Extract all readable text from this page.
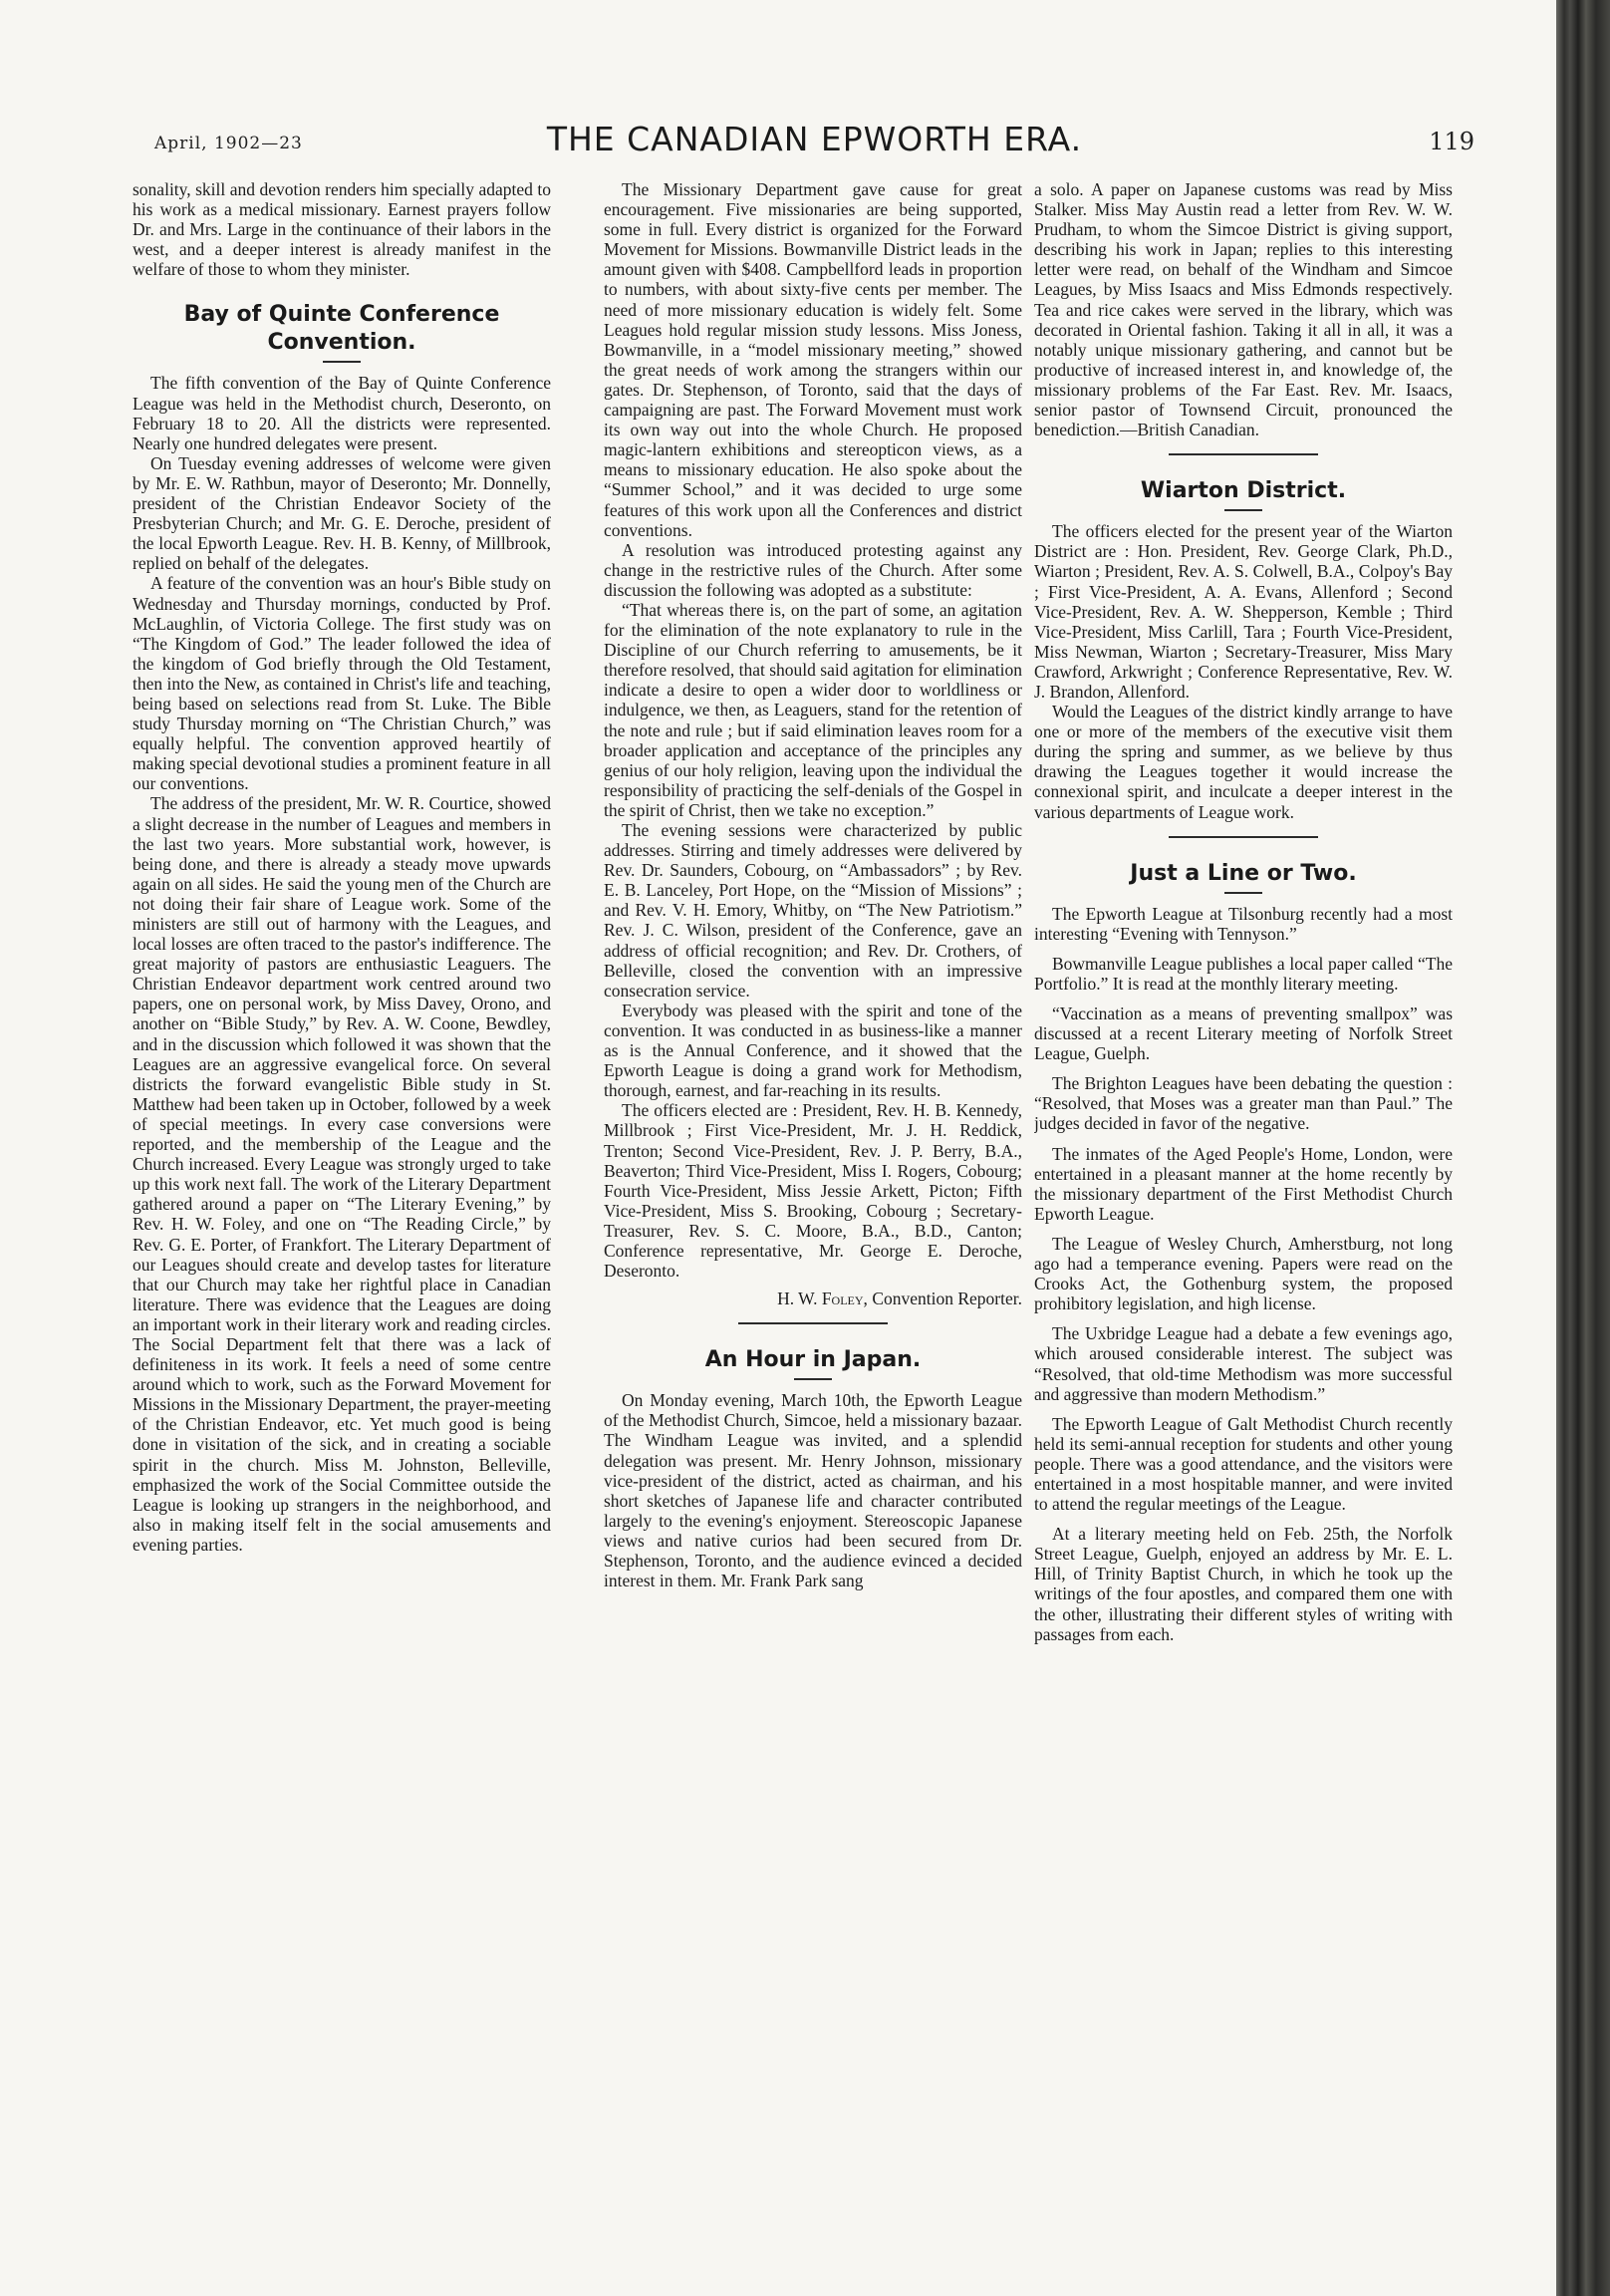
April, 1902—23	THE CANADIAN EPWORTH ERA.	119

sonality, skill and devotion renders him specially adapted to his work as a medical missionary. Earnest prayers follow Dr. and Mrs. Large in the continuance of their labors in the west, and a deeper interest is already manifest in the welfare of those to whom they minister.

Bay of Quinte Conference Convention.

The fifth convention of the Bay of Quinte Conference League was held in the Methodist church, Deseronto, on February 18 to 20. All the districts were represented. Nearly one hundred delegates were present.

On Tuesday evening addresses of welcome were given by Mr. E. W. Rathbun, mayor of Deseronto; Mr. Donnelly, president of the Christian Endeavor Society of the Presbyterian Church; and Mr. G. E. Deroche, president of the local Epworth League. Rev. H. B. Kenny, of Millbrook, replied on behalf of the delegates.

A feature of the convention was an hour's Bible study on Wednesday and Thursday mornings, conducted by Prof. McLaughlin, of Victoria College. The first study was on “The Kingdom of God.” The leader followed the idea of the kingdom of God briefly through the Old Testament, then into the New, as contained in Christ's life and teaching, being based on selections read from St. Luke. The Bible study Thursday morning on “The Christian Church,” was equally helpful. The convention approved heartily of making special devotional studies a prominent feature in all our conventions.

The address of the president, Mr. W. R. Courtice, showed a slight decrease in the number of Leagues and members in the last two years. More substantial work, however, is being done, and there is already a steady move upwards again on all sides. He said the young men of the Church are not doing their fair share of League work. Some of the ministers are still out of harmony with the Leagues, and local losses are often traced to the pastor's indifference. The great majority of pastors are enthusiastic Leaguers. The Christian Endeavor department work centred around two papers, one on personal work, by Miss Davey, Orono, and another on “Bible Study,” by Rev. A. W. Coone, Bewdley, and in the discussion which followed it was shown that the Leagues are an aggressive evangelical force. On several districts the forward evangelistic Bible study in St. Matthew had been taken up in October, followed by a week of special meetings. In every case conversions were reported, and the membership of the League and the Church increased. Every League was strongly urged to take up this work next fall. The work of the Literary Department gathered around a paper on “The Literary Evening,” by Rev. H. W. Foley, and one on “The Reading Circle,” by Rev. G. E. Porter, of Frankfort. The Literary Department of our Leagues should create and develop tastes for literature that our Church may take her rightful place in Canadian literature. There was evidence that the Leagues are doing an important work in their literary work and reading circles. The Social Department felt that there was a lack of definiteness in its work. It feels a need of some centre around which to work, such as the Forward Movement for Missions in the Missionary Department, the prayer-meeting of the Christian Endeavor, etc. Yet much good is being done in visitation of the sick, and in creating a sociable spirit in the church. Miss M. Johnston, Belleville, emphasized the work of the Social Committee outside the League is looking up strangers in the neighborhood, and also in making itself felt in the social amusements and evening parties.

The Missionary Department gave cause for great encouragement. Five missionaries are being supported, some in full. Every district is organized for the Forward Movement for Missions. Bowmanville District leads in the amount given with $408. Campbellford leads in proportion to numbers, with about sixty-five cents per member. The need of more missionary education is widely felt. Some Leagues hold regular mission study lessons. Miss Joness, Bowmanville, in a “model missionary meeting,” showed the great needs of work among the strangers within our gates. Dr. Stephenson, of Toronto, said that the days of campaigning are past. The Forward Movement must work its own way out into the whole Church. He proposed magic-lantern exhibitions and stereopticon views, as a means to missionary education. He also spoke about the “Summer School,” and it was decided to urge some features of this work upon all the Conferences and district conventions.

A resolution was introduced protesting against any change in the restrictive rules of the Church. After some discussion the following was adopted as a substitute:

“That whereas there is, on the part of some, an agitation for the elimination of the note explanatory to rule in the Discipline of our Church referring to amusements, be it therefore resolved, that should said agitation for elimination indicate a desire to open a wider door to worldliness or indulgence, we then, as Leaguers, stand for the retention of the note and rule ; but if said elimination leaves room for a broader application and acceptance of the principles any genius of our holy religion, leaving upon the individual the responsibility of practicing the self-denials of the Gospel in the spirit of Christ, then we take no exception.”

The evening sessions were characterized by public addresses. Stirring and timely addresses were delivered by Rev. Dr. Saunders, Cobourg, on “Ambassadors” ; by Rev. E. B. Lanceley, Port Hope, on the “Mission of Missions” ; and Rev. V. H. Emory, Whitby, on “The New Patriotism.” Rev. J. C. Wilson, president of the Conference, gave an address of official recognition; and Rev. Dr. Crothers, of Belleville, closed the convention with an impressive consecration service.

Everybody was pleased with the spirit and tone of the convention. It was conducted in as business-like a manner as is the Annual Conference, and it showed that the Epworth League is doing a grand work for Methodism, thorough, earnest, and far-reaching in its results.

The officers elected are : President, Rev. H. B. Kennedy, Millbrook ; First Vice-President, Mr. J. H. Reddick, Trenton; Second Vice-President, Rev. J. P. Berry, B.A., Beaverton; Third Vice-President, Miss I. Rogers, Cobourg; Fourth Vice-President, Miss Jessie Arkett, Picton; Fifth Vice-President, Miss S. Brooking, Cobourg ; Secretary-Treasurer, Rev. S. C. Moore, B.A., B.D., Canton; Conference representative, Mr. George E. Deroche, Deseronto.

H. W. Foley, Convention Reporter.
An Hour in Japan.

On Monday evening, March 10th, the Epworth League of the Methodist Church, Simcoe, held a missionary bazaar. The Windham League was invited, and a splendid delegation was present. Mr. Henry Johnson, missionary vice-president of the district, acted as chairman, and his short sketches of Japanese life and character contributed largely to the evening's enjoyment. Stereoscopic Japanese views and native curios had been secured from Dr. Stephenson, Toronto, and the audience evinced a decided interest in them. Mr. Frank Park sang

a solo. A paper on Japanese customs was read by Miss Stalker. Miss May Austin read a letter from Rev. W. W. Prudham, to whom the Simcoe District is giving support, describing his work in Japan; replies to this interesting letter were read, on behalf of the Windham and Simcoe Leagues, by Miss Isaacs and Miss Edmonds respectively. Tea and rice cakes were served in the library, which was decorated in Oriental fashion. Taking it all in all, it was a notably unique missionary gathering, and cannot but be productive of increased interest in, and knowledge of, the missionary problems of the Far East. Rev. Mr. Isaacs, senior pastor of Townsend Circuit, pronounced the benediction.—British Canadian.

Wiarton District.

The officers elected for the present year of the Wiarton District are : Hon. President, Rev. George Clark, Ph.D., Wiarton ; President, Rev. A. S. Colwell, B.A., Colpoy's Bay ; First Vice-President, A. A. Evans, Allenford ; Second Vice-President, Rev. A. W. Shepperson, Kemble ; Third Vice-President, Miss Carlill, Tara ; Fourth Vice-President, Miss Newman, Wiarton ; Secretary-Treasurer, Miss Mary Crawford, Arkwright ; Conference Representative, Rev. W. J. Brandon, Allenford.

Would the Leagues of the district kindly arrange to have one or more of the members of the executive visit them during the spring and summer, as we believe by thus drawing the Leagues together it would increase the connexional spirit, and inculcate a deeper interest in the various departments of League work.

Just a Line or Two.

The Epworth League at Tilsonburg recently had a most interesting “Evening with Tennyson.”

Bowmanville League publishes a local paper called “The Portfolio.” It is read at the monthly literary meeting.

“Vaccination as a means of preventing smallpox” was discussed at a recent Literary meeting of Norfolk Street League, Guelph.

The Brighton Leagues have been debating the question : “Resolved, that Moses was a greater man than Paul.” The judges decided in favor of the negative.

The inmates of the Aged People's Home, London, were entertained in a pleasant manner at the home recently by the missionary department of the First Methodist Church Epworth League.

The League of Wesley Church, Amherstburg, not long ago had a temperance evening. Papers were read on the Crooks Act, the Gothenburg system, the proposed prohibitory legislation, and high license.

The Uxbridge League had a debate a few evenings ago, which aroused considerable interest. The subject was “Resolved, that old-time Methodism was more successful and aggressive than modern Methodism.”

The Epworth League of Galt Methodist Church recently held its semi-annual reception for students and other young people. There was a good attendance, and the visitors were entertained in a most hospitable manner, and were invited to attend the regular meetings of the League.

At a literary meeting held on Feb. 25th, the Norfolk Street League, Guelph, enjoyed an address by Mr. E. L. Hill, of Trinity Baptist Church, in which he took up the writings of the four apostles, and compared them one with the other, illustrating their different styles of writing with passages from each.
